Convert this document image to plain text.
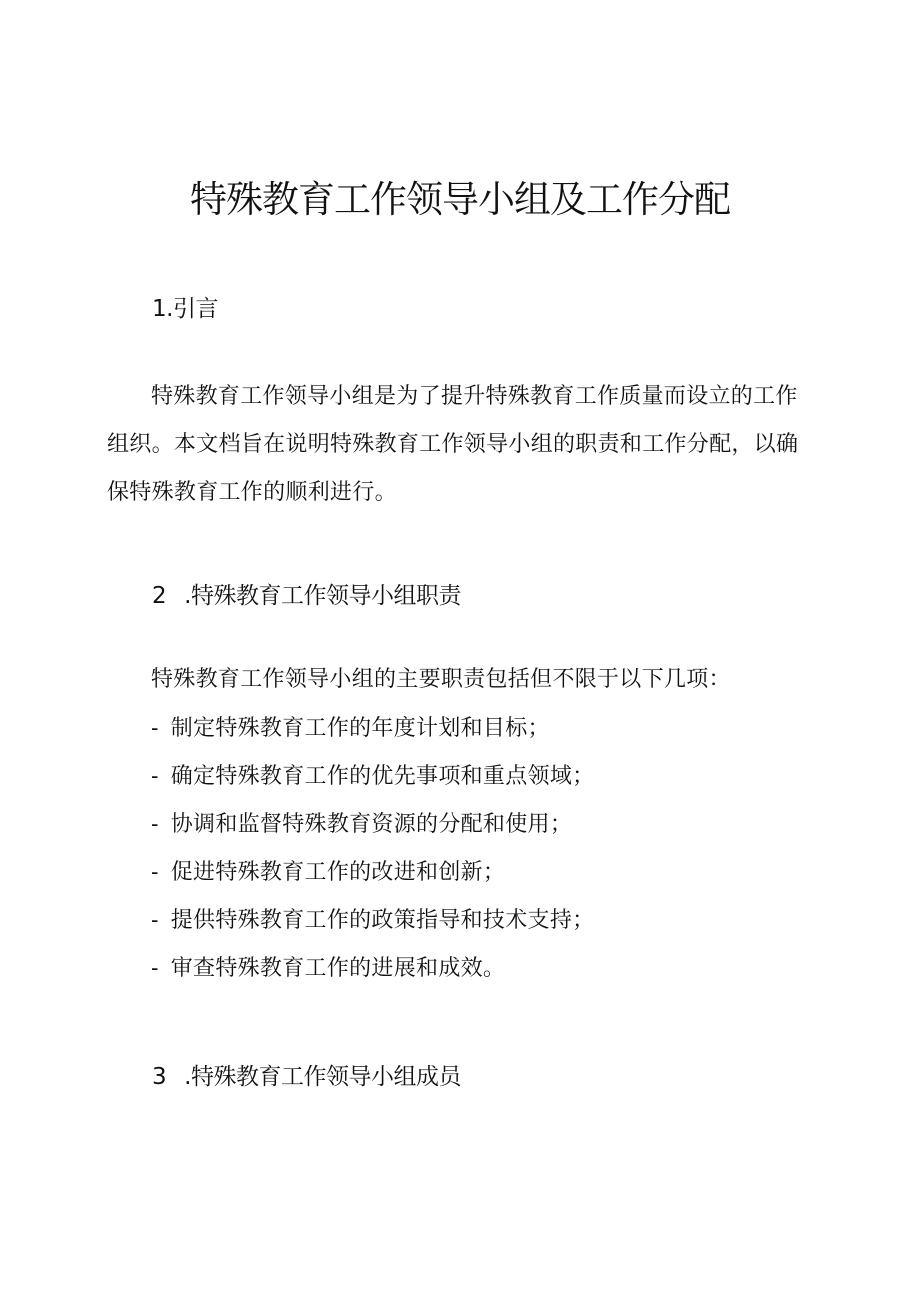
特殊教育工作领导小组及工作分配
1.引言

特殊教育工作领导小组是为了提升特殊教育工作质量而设立的工作组织。本文档旨在说明特殊教育工作领导小组的职责和工作分配，以确保特殊教育工作的顺利进行。

2 .特殊教育工作领导小组职责

特殊教育工作领导小组的主要职责包括但不限于以下几项：

- 制定特殊教育工作的年度计划和目标；

- 确定特殊教育工作的优先事项和重点领域；

- 协调和监督特殊教育资源的分配和使用；

- 促进特殊教育工作的改进和创新；

- 提供特殊教育工作的政策指导和技术支持；

- 审查特殊教育工作的进展和成效。

3 .特殊教育工作领导小组成员
